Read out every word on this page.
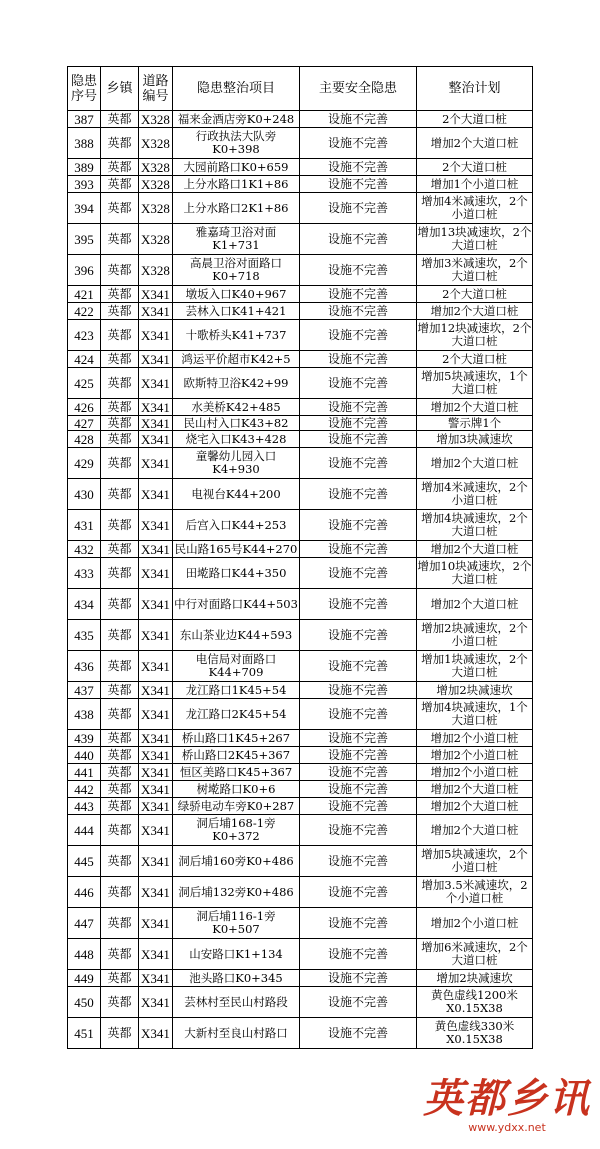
隐患序号	乡镇	道路编号	隐患整治项目	主要安全隐患	整治计划
387	英都	X328	福来金酒店旁K0+248	设施不完善	2个大道口桩
388	英都	X328	行政执法大队旁K0+398	设施不完善	增加2个大道口桩
389	英都	X328	大园前路口K0+659	设施不完善	2个大道口桩
393	英都	X328	上分水路口1K1+86	设施不完善	增加1个小道口桩
394	英都	X328	上分水路口2K1+86	设施不完善	增加4米减速坎，2个小道口桩
395	英都	X328	雅嘉琦卫浴对面K1+731	设施不完善	增加13块减速坎，2个大道口桩
396	英都	X328	高晨卫浴对面路口K0+718	设施不完善	增加3米减速坎，2个大道口桩
421	英都	X341	墩坂入口K40+967	设施不完善	2个大道口桩
422	英都	X341	芸林入口K41+421	设施不完善	增加2个大道口桩
423	英都	X341	十歌桥头K41+737	设施不完善	增加12块减速坎，2个大道口桩
424	英都	X341	鸿运平价超市K42+5	设施不完善	2个大道口桩
425	英都	X341	欧斯特卫浴K42+99	设施不完善	增加5块减速坎，1个大道口桩
426	英都	X341	水美桥K42+485	设施不完善	增加2个大道口桩
427	英都	X341	民山村入口K43+82	设施不完善	警示牌1个
428	英都	X341	烧宅入口K43+428	设施不完善	增加3块减速坎
429	英都	X341	童馨幼儿园入口K4+930	设施不完善	增加2个大道口桩
430	英都	X341	电视台K44+200	设施不完善	增加4米减速坎，2个小道口桩
431	英都	X341	后宫入口K44+253	设施不完善	增加4块减速坎，2个大道口桩
432	英都	X341	民山路165号K44+270	设施不完善	增加2个大道口桩
433	英都	X341	田墘路口K44+350	设施不完善	增加10块减速坎，2个大道口桩
434	英都	X341	中行对面路口K44+503	设施不完善	增加2个大道口桩
435	英都	X341	东山茶业边K44+593	设施不完善	增加2块减速坎，2个小道口桩
436	英都	X341	电信局对面路口K44+709	设施不完善	增加1块减速坎，2个大道口桩
437	英都	X341	龙江路口1K45+54	设施不完善	增加2块减速坎
438	英都	X341	龙江路口2K45+54	设施不完善	增加4块减速坎，1个大道口桩
439	英都	X341	桥山路口1K45+267	设施不完善	增加2个小道口桩
440	英都	X341	桥山路口2K45+367	设施不完善	增加2个小道口桩
441	英都	X341	恒区美路口K45+367	设施不完善	增加2个小道口桩
442	英都	X341	树墘路口K0+6	设施不完善	增加2个大道口桩
443	英都	X341	绿骄电动车旁K0+287	设施不完善	增加2个大道口桩
444	英都	X341	洞后埔168-1旁K0+372	设施不完善	增加2个大道口桩
445	英都	X341	洞后埔160旁K0+486	设施不完善	增加5块减速坎，2个小道口桩
446	英都	X341	洞后埔132旁K0+486	设施不完善	增加3.5米减速坎，2个小道口桩
447	英都	X341	洞后埔116-1旁K0+507	设施不完善	增加2个小道口桩
448	英都	X341	山安路口K1+134	设施不完善	增加6米减速坎，2个大道口桩
449	英都	X341	池头路口K0+345	设施不完善	增加2块减速坎
450	英都	X341	芸林村至民山村路段	设施不完善	黄色虚线1200米X0.15X38
451	英都	X341	大新村至良山村路口	设施不完善	黄色虚线330米X0.15X38
英都乡讯
www.ydxx.net
